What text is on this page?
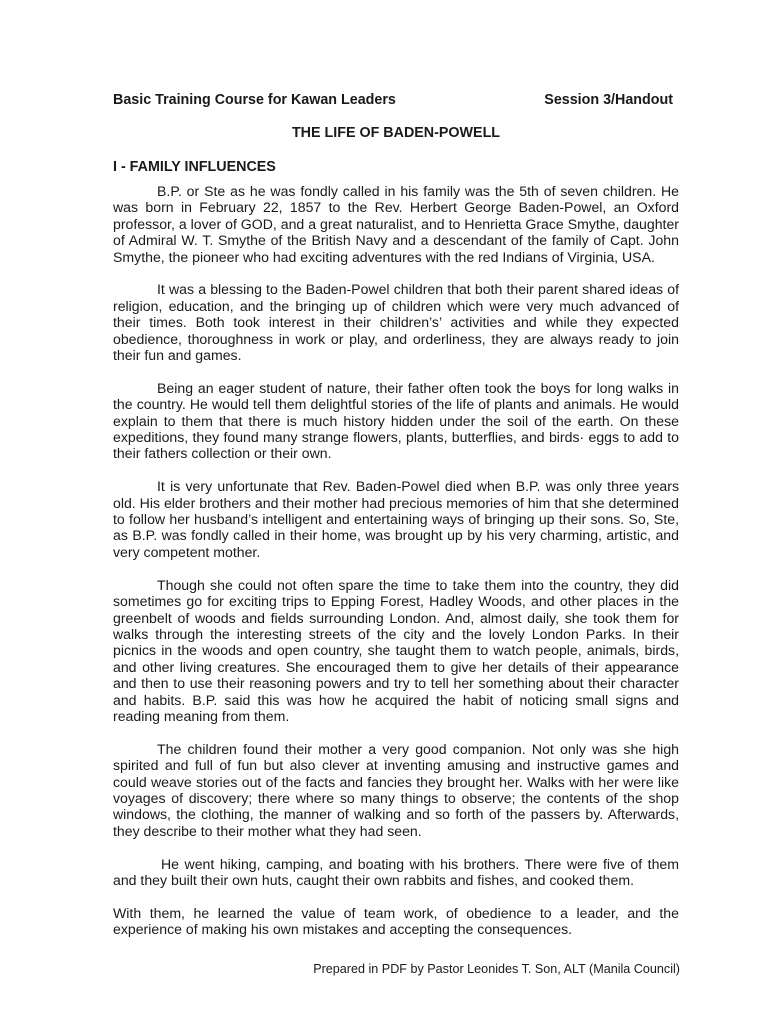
Basic Training Course for Kawan Leaders	Session 3/Handout
THE LIFE OF BADEN-POWELL
I - FAMILY INFLUENCES

B.P. or Ste as he was fondly called in his family was the 5th of seven children. He was born in February 22, 1857 to the Rev. Herbert George Baden-Powel, an Oxford professor, a lover of GOD, and a great naturalist, and to Henrietta Grace Smythe, daughter of Admiral W. T. Smythe of the British Navy and a descendant of the family of Capt. John Smythe, the pioneer who had exciting adventures with the red Indians of Virginia, USA.

It was a blessing to the Baden-Powel children that both their parent shared ideas of religion, education, and the bringing up of children which were very much advanced of their times. Both took interest in their children’s’ activities and while they expected obedience, thoroughness in work or play, and orderliness, they are always ready to join their fun and games.

Being an eager student of nature, their father often took the boys for long walks in the country. He would tell them delightful stories of the life of plants and animals. He would explain to them that there is much history hidden under the soil of the earth. On these expeditions, they found many strange flowers, plants, butterflies, and birds· eggs to add to their fathers collection or their own.

It is very unfortunate that Rev. Baden-Powel died when B.P. was only three years old. His elder brothers and their mother had precious memories of him that she determined to follow her husband’s intelligent and entertaining ways of bringing up their sons. So, Ste, as B.P. was fondly called in their home, was brought up by his very charming, artistic, and very competent mother.

Though she could not often spare the time to take them into the country, they did sometimes go for exciting trips to Epping Forest, Hadley Woods, and other places in the greenbelt of woods and fields surrounding London. And, almost daily, she took them for walks through the interesting streets of the city and the lovely London Parks. In their picnics in the woods and open country, she taught them to watch people, animals, birds, and other living creatures. She encouraged them to give her details of their appearance and then to use their reasoning powers and try to tell her something about their character and habits. B.P. said this was how he acquired the habit of noticing small signs and reading meaning from them.

The children found their mother a very good companion. Not only was she high spirited and full of fun but also clever at inventing amusing and instructive games and could weave stories out of the facts and fancies they brought her. Walks with her were like voyages of discovery; there where so many things to observe; the contents of the shop windows, the clothing, the manner of walking and so forth of the passers by. Afterwards, they describe to their mother what they had seen.

He went hiking, camping, and boating with his brothers. There were five of them and they built their own huts, caught their own rabbits and fishes, and cooked them.

With them, he learned the value of team work, of obedience to a leader, and the experience of making his own mistakes and accepting the consequences.

Prepared in PDF by Pastor Leonides T. Son, ALT (Manila Council)
